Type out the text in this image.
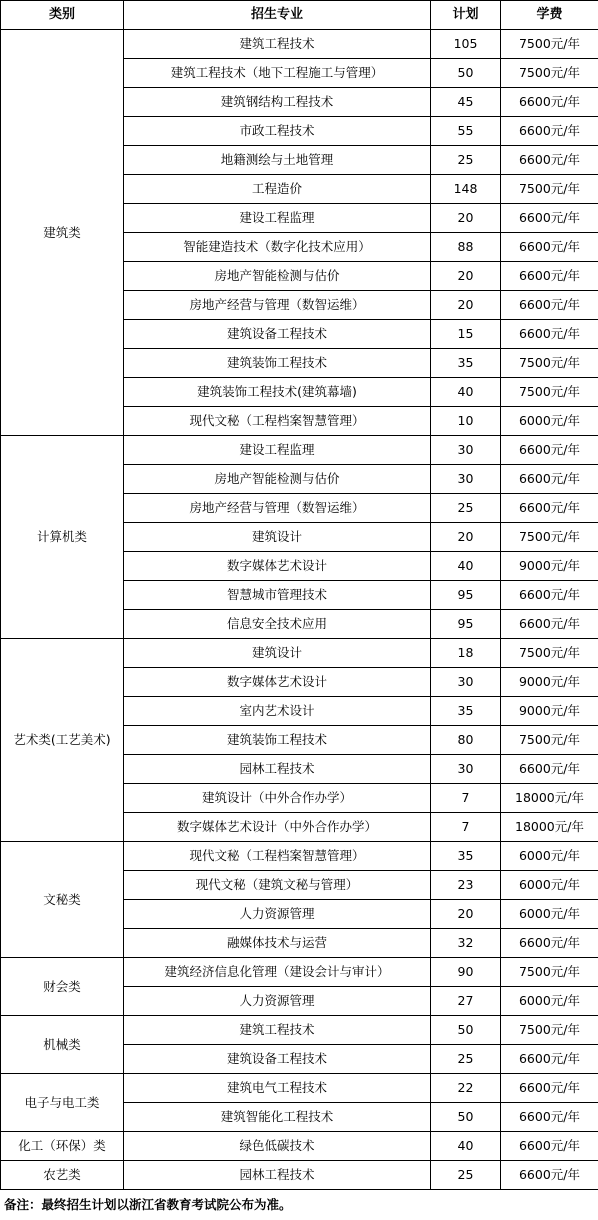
类别	招生专业	计划	学费
建筑类	建筑工程技术	105	7500元/年
	建筑工程技术（地下工程施工与管理）	50	7500元/年
	建筑钢结构工程技术	45	6600元/年
	市政工程技术	55	6600元/年
	地籍测绘与土地管理	25	6600元/年
	工程造价	148	7500元/年
	建设工程监理	20	6600元/年
	智能建造技术（数字化技术应用）	88	6600元/年
	房地产智能检测与估价	20	6600元/年
	房地产经营与管理（数智运维）	20	6600元/年
	建筑设备工程技术	15	6600元/年
	建筑装饰工程技术	35	7500元/年
	建筑装饰工程技术(建筑幕墙)	40	7500元/年
	现代文秘（工程档案智慧管理）	10	6000元/年
计算机类	建设工程监理	30	6600元/年
	房地产智能检测与估价	30	6600元/年
	房地产经营与管理（数智运维）	25	6600元/年
	建筑设计	20	7500元/年
	数字媒体艺术设计	40	9000元/年
	智慧城市管理技术	95	6600元/年
	信息安全技术应用	95	6600元/年
艺术类(工艺美术)	建筑设计	18	7500元/年
	数字媒体艺术设计	30	9000元/年
	室内艺术设计	35	9000元/年
	建筑装饰工程技术	80	7500元/年
	园林工程技术	30	6600元/年
	建筑设计（中外合作办学）	7	18000元/年
	数字媒体艺术设计（中外合作办学）	7	18000元/年
文秘类	现代文秘（工程档案智慧管理）	35	6000元/年
	现代文秘（建筑文秘与管理）	23	6000元/年
	人力资源管理	20	6000元/年
	融媒体技术与运营	32	6600元/年
财会类	建筑经济信息化管理（建设会计与审计）	90	7500元/年
	人力资源管理	27	6000元/年
机械类	建筑工程技术	50	7500元/年
	建筑设备工程技术	25	6600元/年
电子与电工类	建筑电气工程技术	22	6600元/年
	建筑智能化工程技术	50	6600元/年
化工（环保）类	绿色低碳技术	40	6600元/年
农艺类	园林工程技术	25	6600元/年
备注：最终招生计划以浙江省教育考试院公布为准。
